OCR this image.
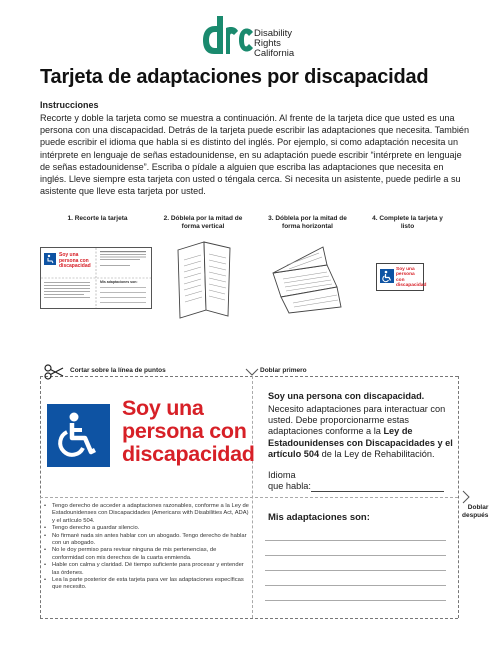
Disability
Rights
California
Tarjeta de adaptaciones por discapacidad
Instrucciones
Recorte y doble la tarjeta como se muestra a continuación. Al frente de la tarjeta dice que usted es una persona con una discapacidad. Detrás de la tarjeta puede escribir las adaptaciones que necesita. También puede escribir el idioma que habla si es distinto del inglés. Por ejemplo, si como adaptación necesita un intérprete en lenguaje de señas estadounidense, en su adaptación puede escribir “intérprete en lenguaje de señas estadounidense”. Escriba o pídale a alguien que escriba las adaptaciones que necesita en inglés. Lleve siempre esta tarjeta con usted o téngala cerca. Si necesita un asistente, puede pedirle a su asistente que lleve esta tarjeta por usted.
1. Recorte la tarjeta	2. Dóblela por la mitad de forma vertical
3. Dóblela por la mitad de forma horizontal
4. Complete la tarjeta y listo
Soy una persona con discapacidad
Mis adaptaciones son:
Soy una persona con discapacidad
Cortar sobre la línea de puntos	Doblar primero
Doblar
después
Soy una persona con discapacidad
• Tengo derecho de acceder a adaptaciones razonables, conforme a la Ley de Estadounidenses con Discapacidades (Americans with Disabilities Act, ADA) y el artículo 504.
• Tengo derecho a guardar silencio.
• No firmaré nada sin antes hablar con un abogado. Tengo derecho de hablar con un abogado.
• No le doy permiso para revisar ninguna de mis pertenencias, de conformidad con mis derechos de la cuarta enmienda.
• Hable con calma y claridad. Dé tiempo suficiente para procesar y entender las órdenes.
• Lea la parte posterior de esta tarjeta para ver las adaptaciones específicas que necesito.
Soy una persona con discapacidad.
Necesito adaptaciones para interactuar con usted. Debe proporcionarme estas adaptaciones conforme a la Ley de Estadounidenses con Discapacidades y el artículo 504 de la Ley de Rehabilitación.
Idioma
que habla:
Mis adaptaciones son:
